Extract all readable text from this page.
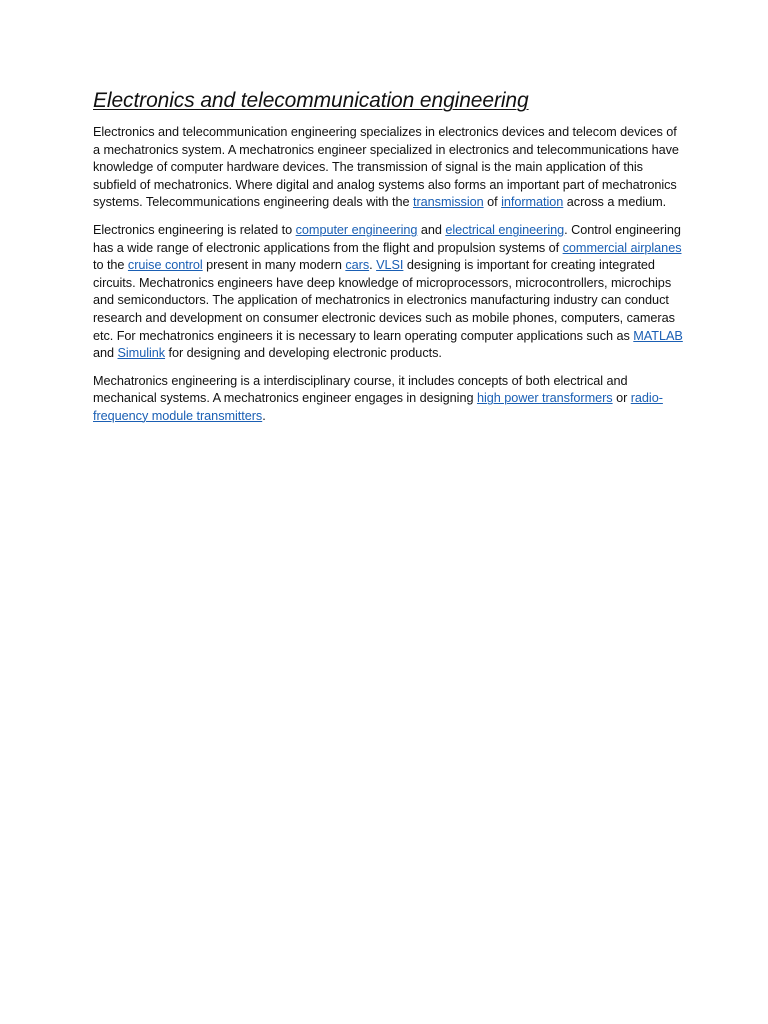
Electronics and telecommunication engineering

Electronics and telecommunication engineering specializes in electronics devices and telecom devices of a mechatronics system. A mechatronics engineer specialized in electronics and telecommunications have knowledge of computer hardware devices. The transmission of signal is the main application of this subfield of mechatronics. Where digital and analog systems also forms an important part of mechatronics systems. Telecommunications engineering deals with the transmission of information across a medium.

Electronics engineering is related to computer engineering and electrical engineering. Control engineering has a wide range of electronic applications from the flight and propulsion systems of commercial airplanes to the cruise control present in many modern cars. VLSI designing is important for creating integrated circuits. Mechatronics engineers have deep knowledge of microprocessors, microcontrollers, microchips and semiconductors. The application of mechatronics in electronics manufacturing industry can conduct research and development on consumer electronic devices such as mobile phones, computers, cameras etc. For mechatronics engineers it is necessary to learn operating computer applications such as MATLAB and Simulink for designing and developing electronic products.

Mechatronics engineering is a interdisciplinary course, it includes concepts of both electrical and mechanical systems. A mechatronics engineer engages in designing high power transformers or radio-frequency module transmitters.
